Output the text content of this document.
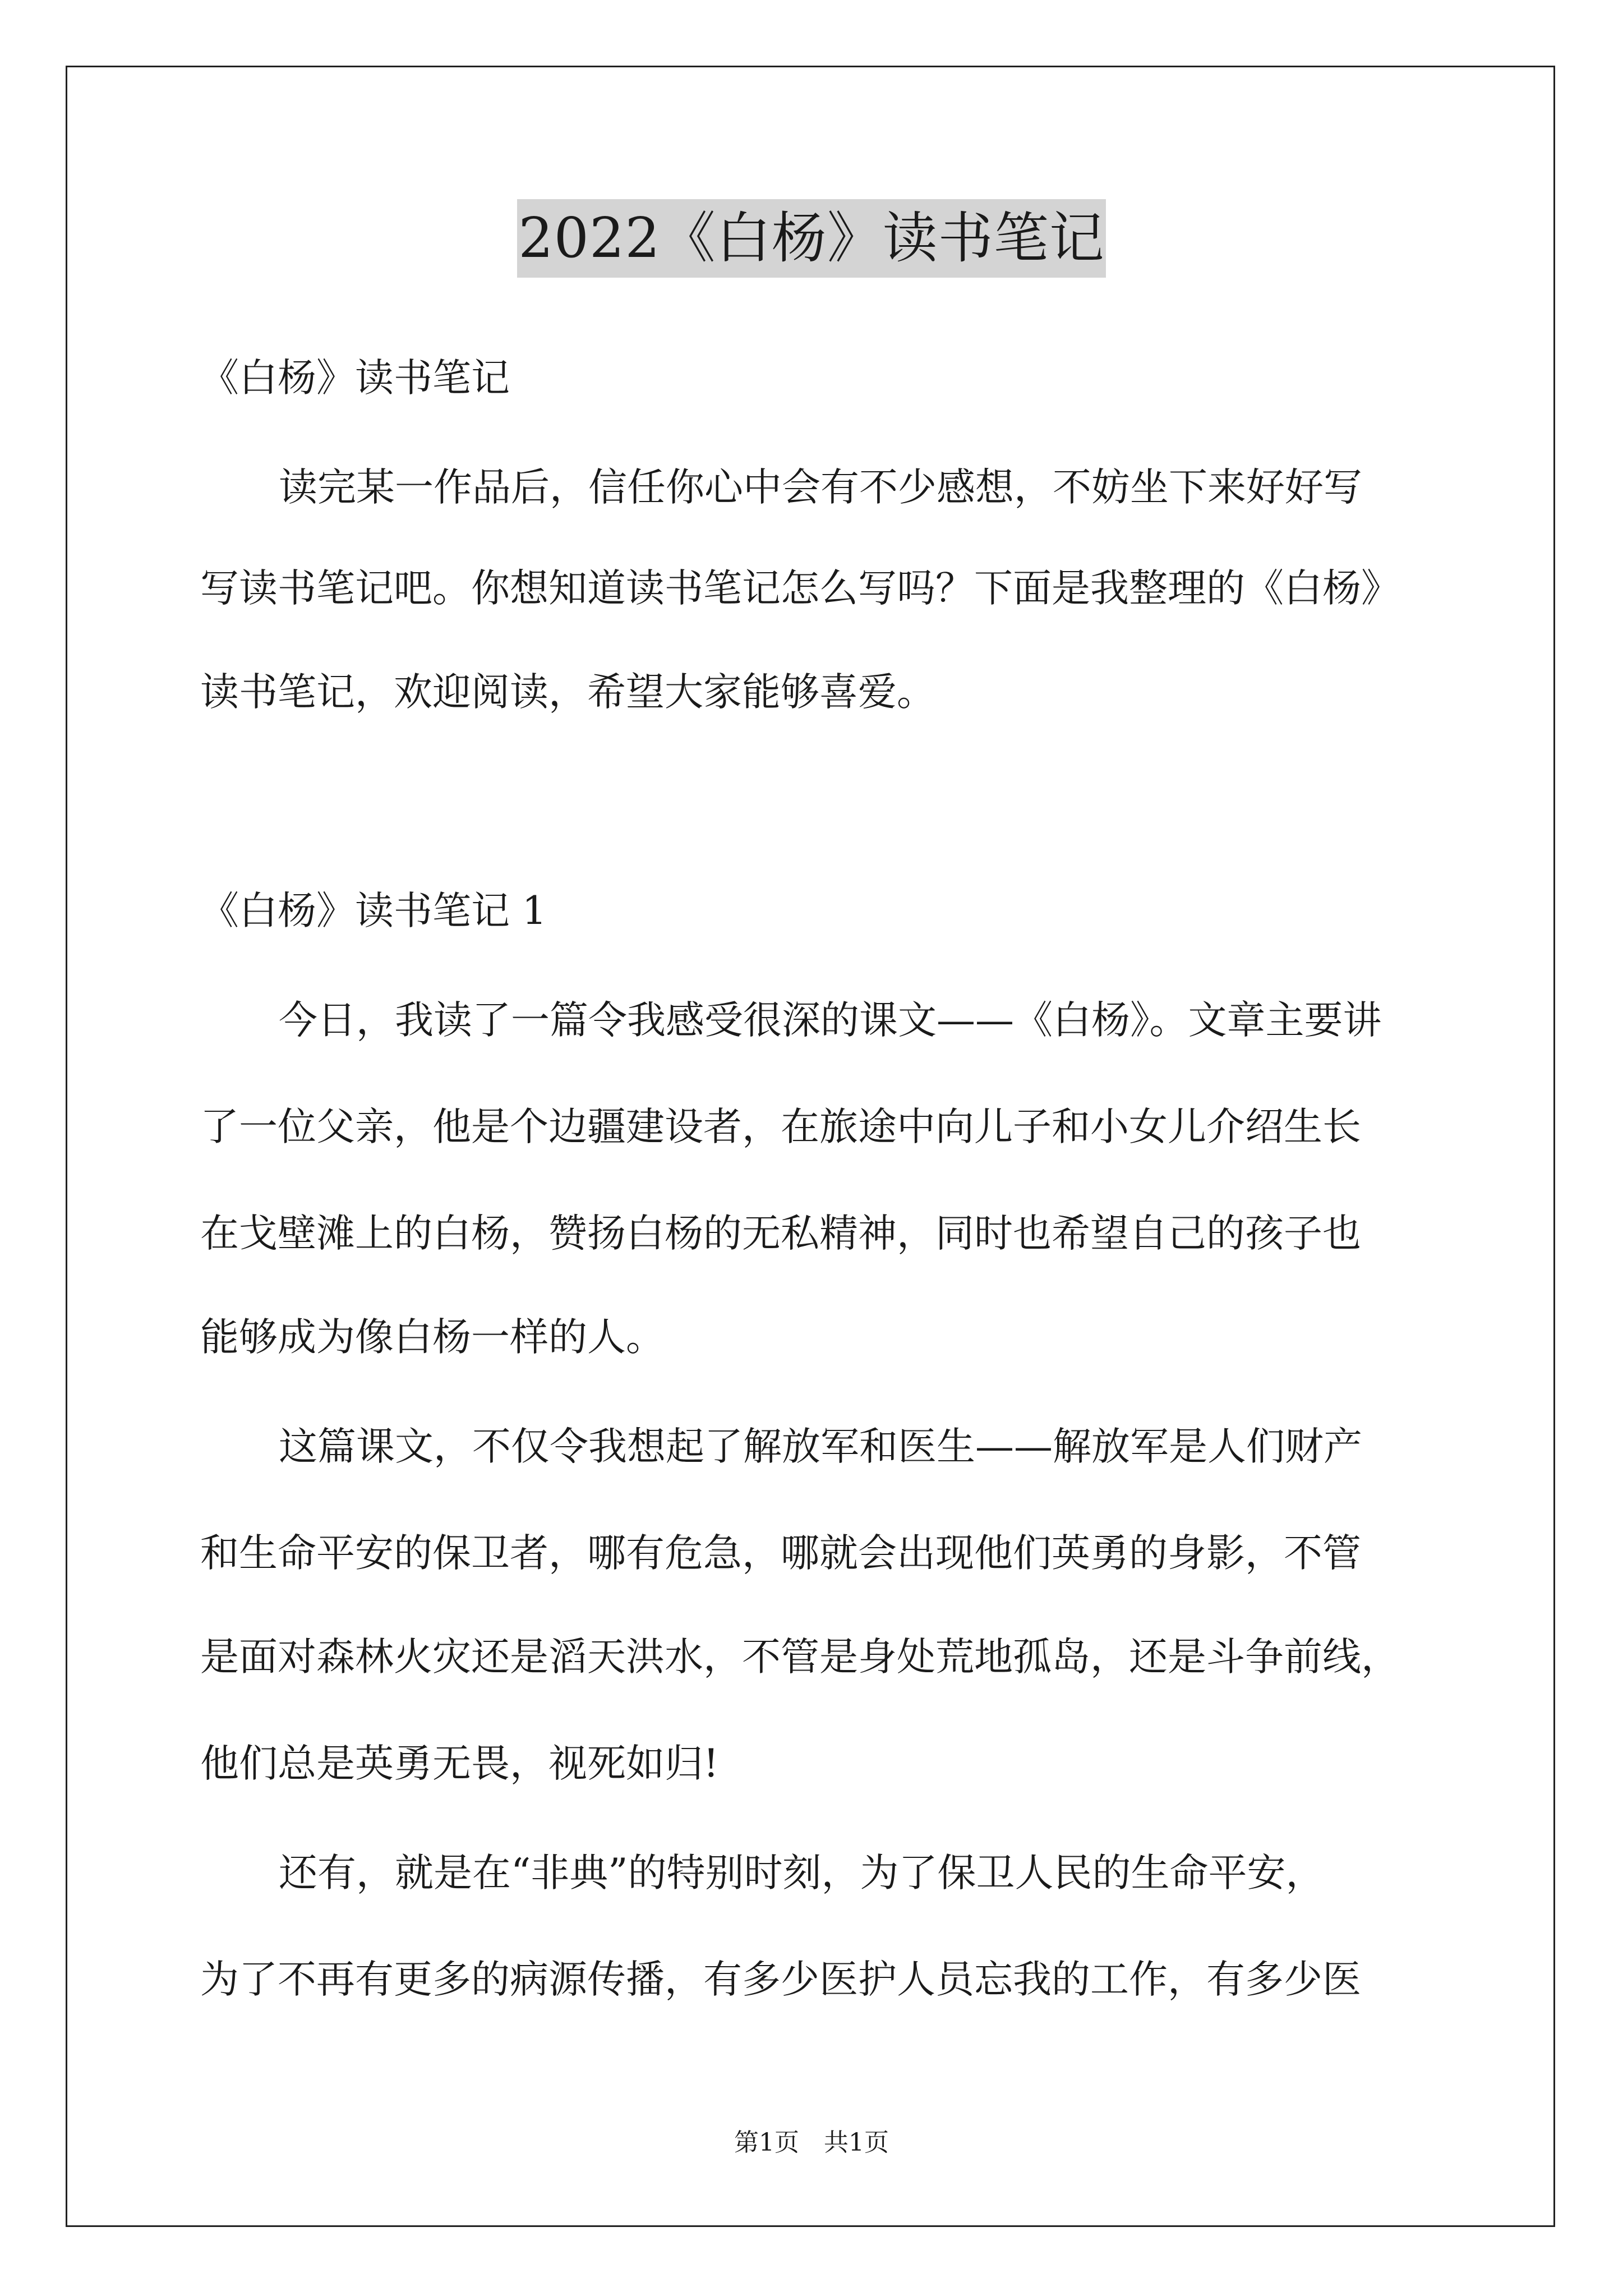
2022《白杨》读书笔记
《白杨》读书笔记
读完某一作品后，信任你心中会有不少感想，不妨坐下来好好写
写读书笔记吧。你想知道读书笔记怎么写吗？下面是我整理的《白杨》
读书笔记，欢迎阅读，希望大家能够喜爱。
《白杨》读书笔记 1
今日，我读了一篇令我感受很深的课文——《白杨》。文章主要讲
了一位父亲，他是个边疆建设者，在旅途中向儿子和小女儿介绍生长
在戈壁滩上的白杨，赞扬白杨的无私精神，同时也希望自己的孩子也
能够成为像白杨一样的人。
这篇课文，不仅令我想起了解放军和医生——解放军是人们财产
和生命平安的保卫者，哪有危急，哪就会出现他们英勇的身影，不管
是面对森林火灾还是滔天洪水，不管是身处荒地孤岛，还是斗争前线，
他们总是英勇无畏，视死如归!
还有，就是在“非典”的特别时刻，为了保卫人民的生命平安，
为了不再有更多的病源传播，有多少医护人员忘我的工作，有多少医
第1页　共1页
